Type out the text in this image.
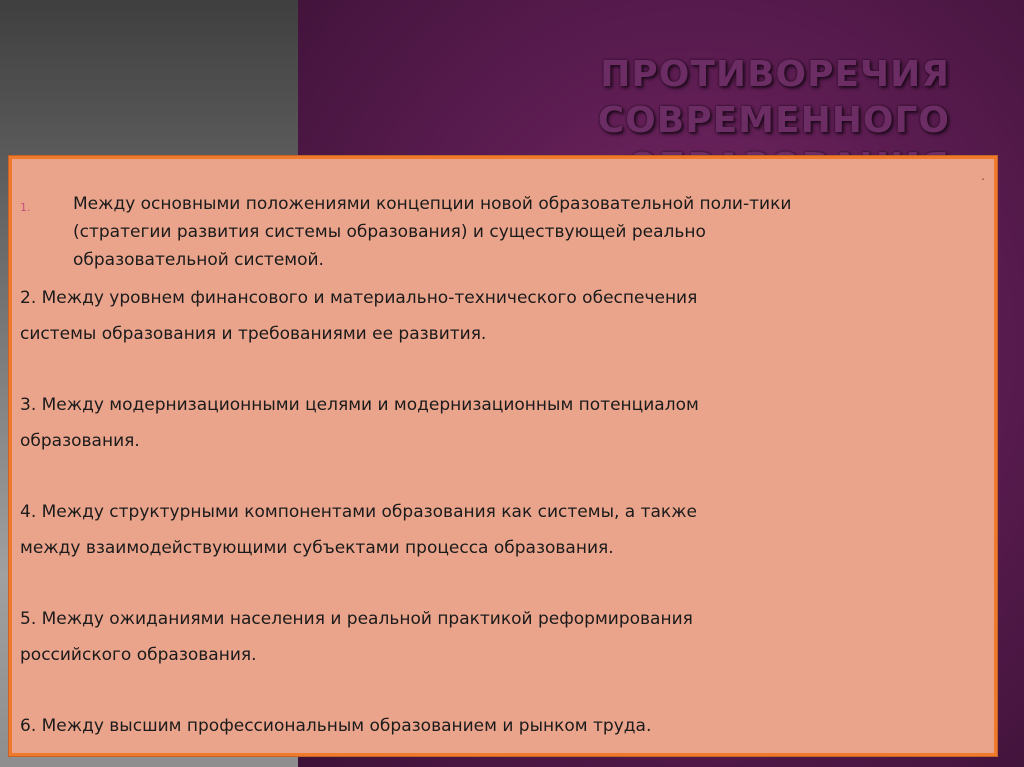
ПРОТИВОРЕЧИЯ СОВРЕМЕННОГО
.
1.	Между основными положениями концепции новой образовательной поли-тики
(стратегии развития системы образования) и существующей реально
образовательной системой.
2. Между уровнем финансового и материально-технического обеспечения
системы образования и требованиями ее развития.
3. Между модернизационными целями и модернизационным потенциалом
образования.
4. Между структурными компонентами образования как системы, а также
между взаимодействующими субъектами процесса образования.
5. Между ожиданиями населения и реальной практикой реформирования
российского образования.
6. Между высшим профессиональным образованием и рынком труда.
